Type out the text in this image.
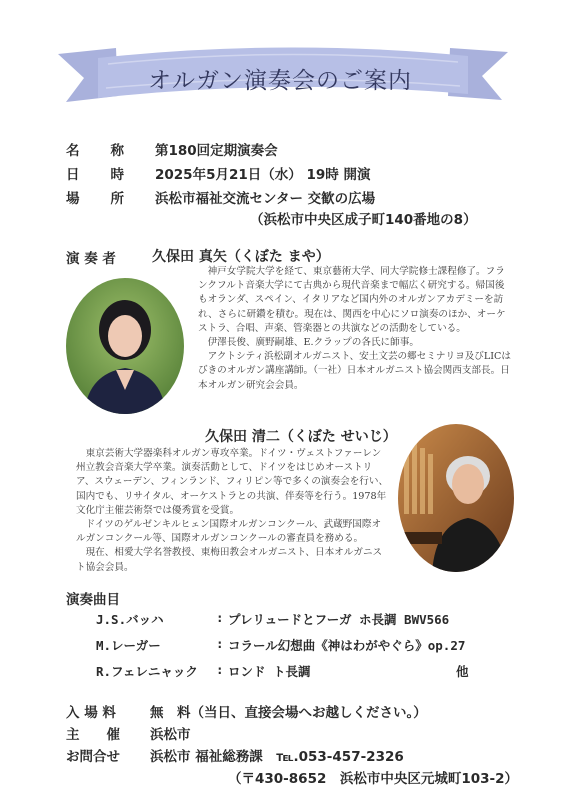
オルガン演奏会のご案内
名 称 第180回定期演奏会
日 時 2025年5月21日（水） 19時 開演
場 所 浜松市福祉交流センター 交歓の広場
（浜松市中央区成子町140番地の8）
演 奏 者	久保田 真矢（くぼた まや）

神戸女学院大学を経て、東京藝術大学、同大学院修士課程修了。フランクフルト音楽大学にて古典から現代音楽まで幅広く研究する。帰国後もオランダ、スペイン、イタリアなど国内外のオルガンアカデミーを訪れ、さらに研鑽を積む。現在は、関西を中心にソロ演奏のほか、オーケストラ、合唱、声楽、管楽器との共演などの活動をしている。

伊澤長俊、廣野嗣雄、E.クラップの各氏に師事。

アクトシティ浜松副オルガニスト、安土文芸の郷セミナリヨ及びLICはびきのオルガン講座講師。（一社）日本オルガニスト協会関西支部長。日本オルガン研究会会員。

久保田 清二（くぼた せいじ）

東京芸術大学器楽科オルガン専攻卒業。ドイツ・ヴェストファーレン州立教会音楽大学卒業。演奏活動として、ドイツをはじめオーストリア、スウェーデン、フィンランド、フィリピン等で多くの演奏会を行い、国内でも、リサイタル、オーケストラとの共演、伴奏等を行う。1978年文化庁主催芸術祭では優秀賞を受賞。

ドイツのゲルゼンキルヒェン国際オルガンコンクール、武蔵野国際オルガンコンクール等、国際オルガンコンクールの審査員を務める。

現在、相愛大学名誉教授、東梅田教会オルガニスト、日本オルガニスト協会会員。

演奏曲目
J.S.バッハ	: プレリュードとフーガ ホ長調 BWV566
M.レーガー	: コラール幻想曲《神はわがやぐら》op.27
R.フェレニャック : ロンド ト長調	他
入 場 料	無　料（当日、直接会場へお越しください。）
主　　催 浜松市
お問合せ 浜松市 福祉総務課　℡.053-457-2326
（〒430-8652　浜松市中央区元城町103-2）
